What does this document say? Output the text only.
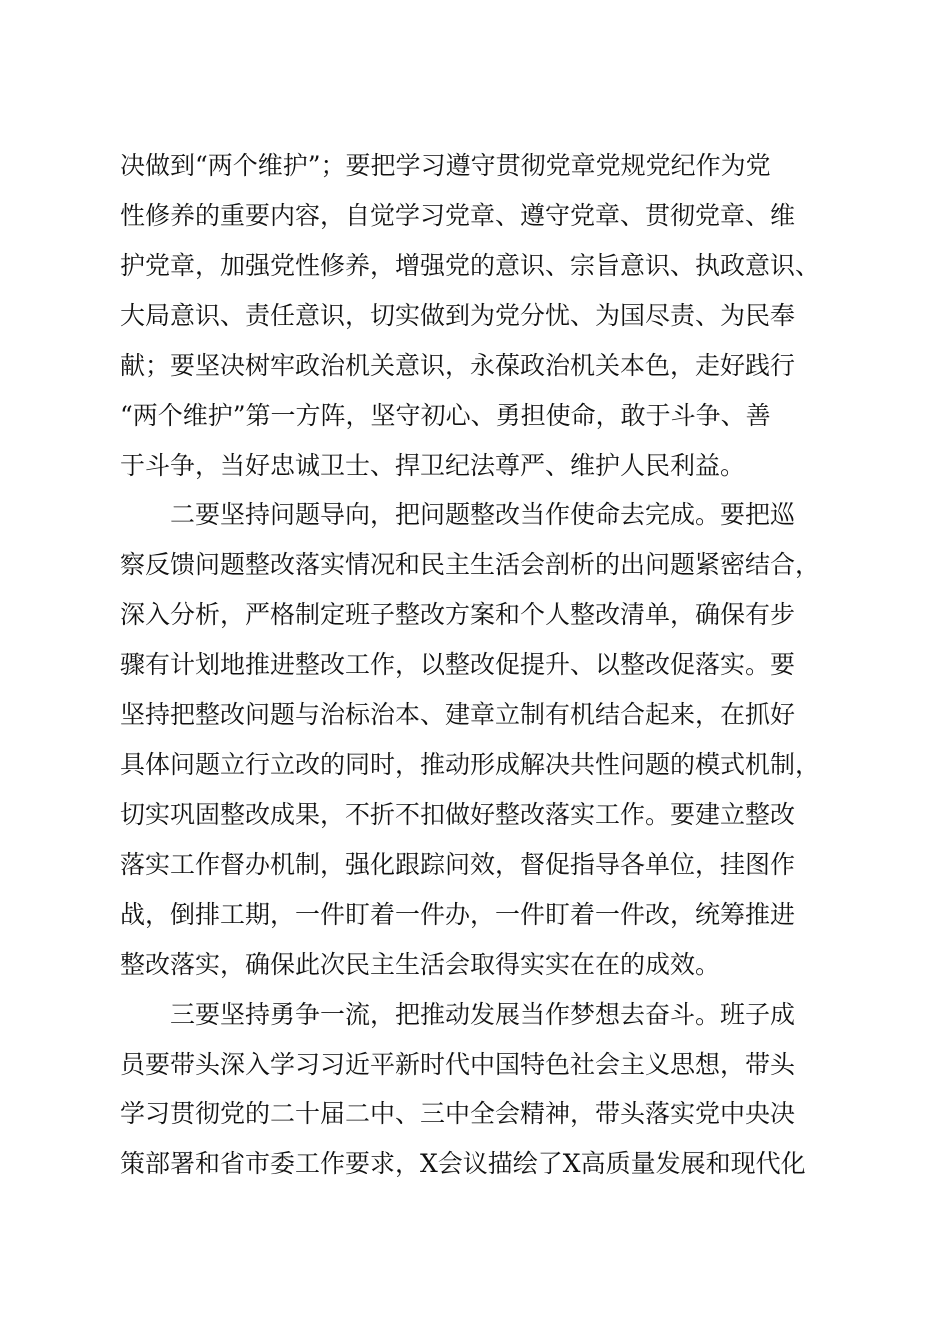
决做到“两个维护”；要把学习遵守贯彻党章党规党纪作为党
性修养的重要内容，自觉学习党章、遵守党章、贯彻党章、维
护党章，加强党性修养，增强党的意识、宗旨意识、执政意识、
大局意识、责任意识，切实做到为党分忧、为国尽责、为民奉
献；要坚决树牢政治机关意识，永葆政治机关本色，走好践行
“两个维护”第一方阵，坚守初心、勇担使命，敢于斗争、善
于斗争，当好忠诚卫士、捍卫纪法尊严、维护人民利益。
二要坚持问题导向，把问题整改当作使命去完成。要把巡
察反馈问题整改落实情况和民主生活会剖析的出问题紧密结合，
深入分析，严格制定班子整改方案和个人整改清单，确保有步
骤有计划地推进整改工作，以整改促提升、以整改促落实。要
坚持把整改问题与治标治本、建章立制有机结合起来，在抓好
具体问题立行立改的同时，推动形成解决共性问题的模式机制，
切实巩固整改成果，不折不扣做好整改落实工作。要建立整改
落实工作督办机制，强化跟踪问效，督促指导各单位，挂图作
战，倒排工期，一件盯着一件办，一件盯着一件改，统筹推进
整改落实，确保此次民主生活会取得实实在在的成效。
三要坚持勇争一流，把推动发展当作梦想去奋斗。班子成
员要带头深入学习习近平新时代中国特色社会主义思想，带头
学习贯彻党的二十届二中、三中全会精神，带头落实党中央决
策部署和省市委工作要求，X会议描绘了X高质量发展和现代化
